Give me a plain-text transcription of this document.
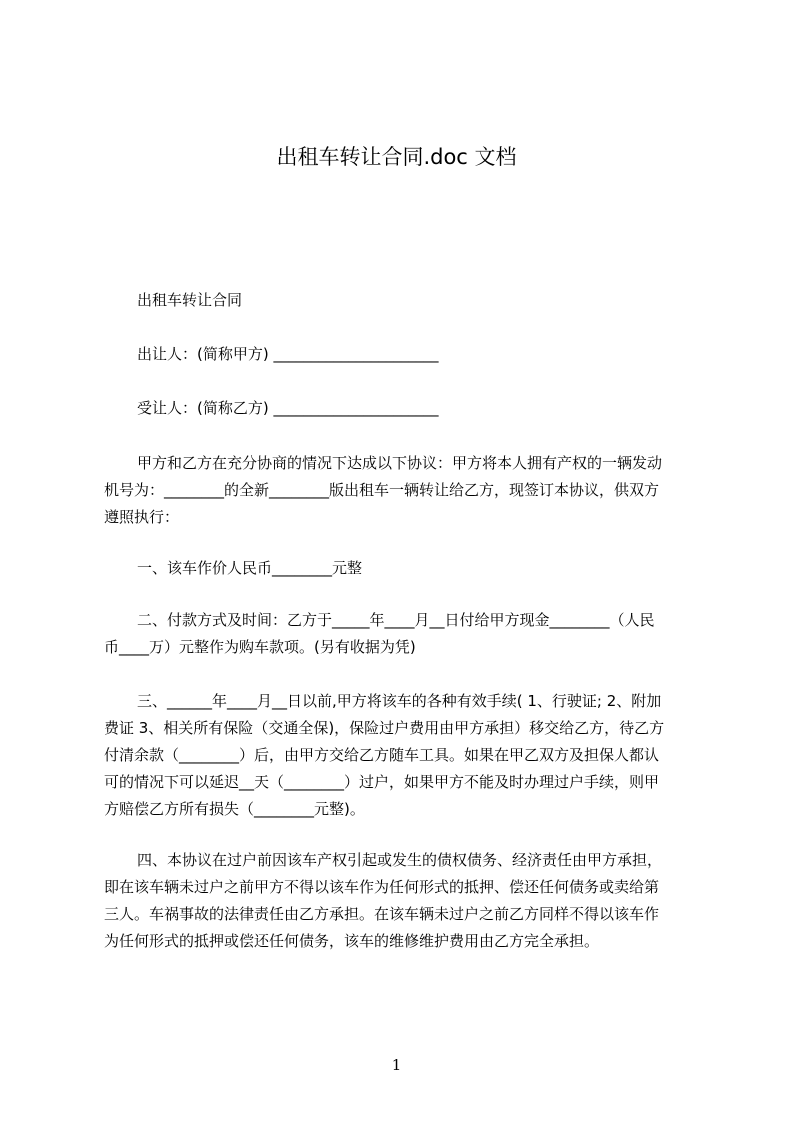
出租车转让合同.doc 文档
出租车转让合同
出让人：(简称甲方) ______________________
受让人：(简称乙方) ______________________

甲方和乙方在充分协商的情况下达成以下协议：甲方将本人拥有产权的一辆发动

机号为：________的全新________版出租车一辆转让给乙方，现签订本协议，供双方

遵照执行：

一、该车作价人民币________元整

二、付款方式及时间：乙方于_____年____月__日付给甲方现金________（人民

币____万）元整作为购车款项。(另有收据为凭)

三、______年____月__日以前,甲方将该车的各种有效手续( 1、行驶证; 2、附加

费证 3、相关所有保险（交通全保)，保险过户费用由甲方承担）移交给乙方，待乙方

付清余款（________）后，由甲方交给乙方随车工具。如果在甲乙双方及担保人都认

可的情况下可以延迟__天（________）过户，如果甲方不能及时办理过户手续，则甲

方赔偿乙方所有损失（________元整)。

四、本协议在过户前因该车产权引起或发生的债权债务、经济责任由甲方承担，

即在该车辆未过户之前甲方不得以该车作为任何形式的抵押、偿还任何债务或卖给第

三人。车祸事故的法律责任由乙方承担。在该车辆未过户之前乙方同样不得以该车作

为任何形式的抵押或偿还任何债务，该车的维修维护费用由乙方完全承担。

1
